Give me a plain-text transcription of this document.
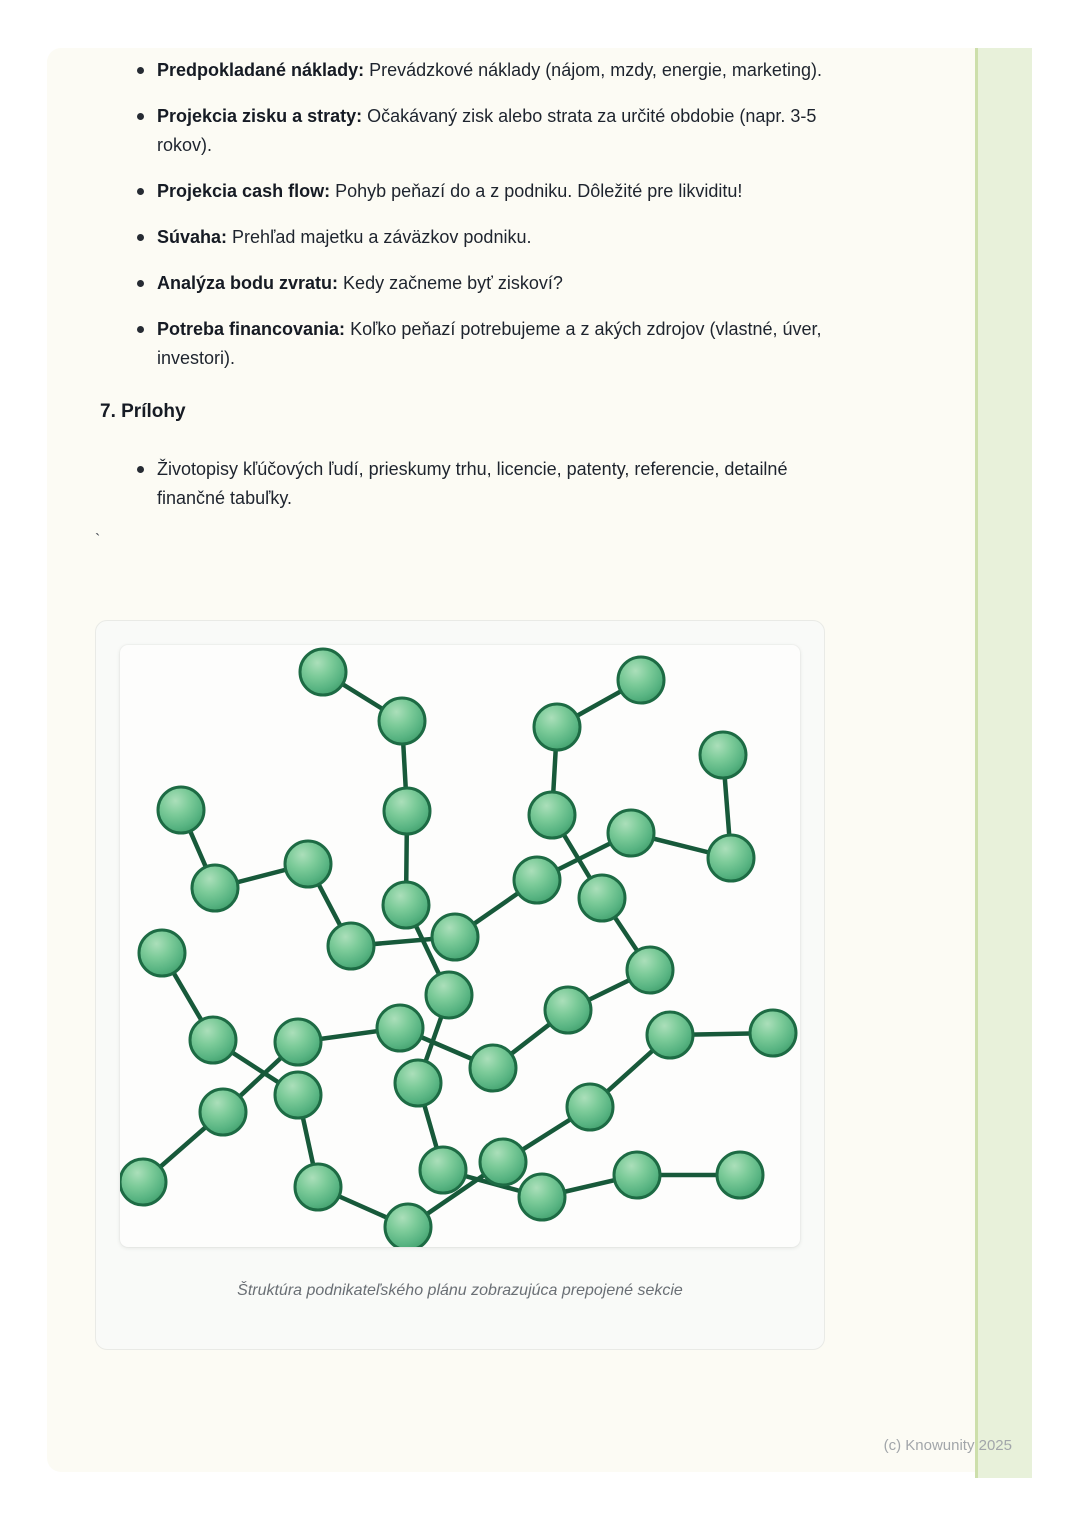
Predpokladané náklady: Prevádzkové náklady (nájom, mzdy, energie, marketing).
Projekcia zisku a straty: Očakávaný zisk alebo strata za určité obdobie (napr. 3-5 rokov).
Projekcia cash flow: Pohyb peňazí do a z podniku. Dôležité pre likviditu!
Súvaha: Prehľad majetku a záväzkov podniku.
Analýza bodu zvratu: Kedy začneme byť ziskoví?
Potreba financovania: Koľko peňazí potrebujeme a z akých zdrojov (vlastné, úver, investori).
7. Prílohy
Životopisy kľúčových ľudí, prieskumy trhu, licencie, patenty, referencie, detailné finančné tabuľky.
`
Štruktúra podnikateľského plánu zobrazujúca prepojené sekcie
(c) Knowunity 2025
